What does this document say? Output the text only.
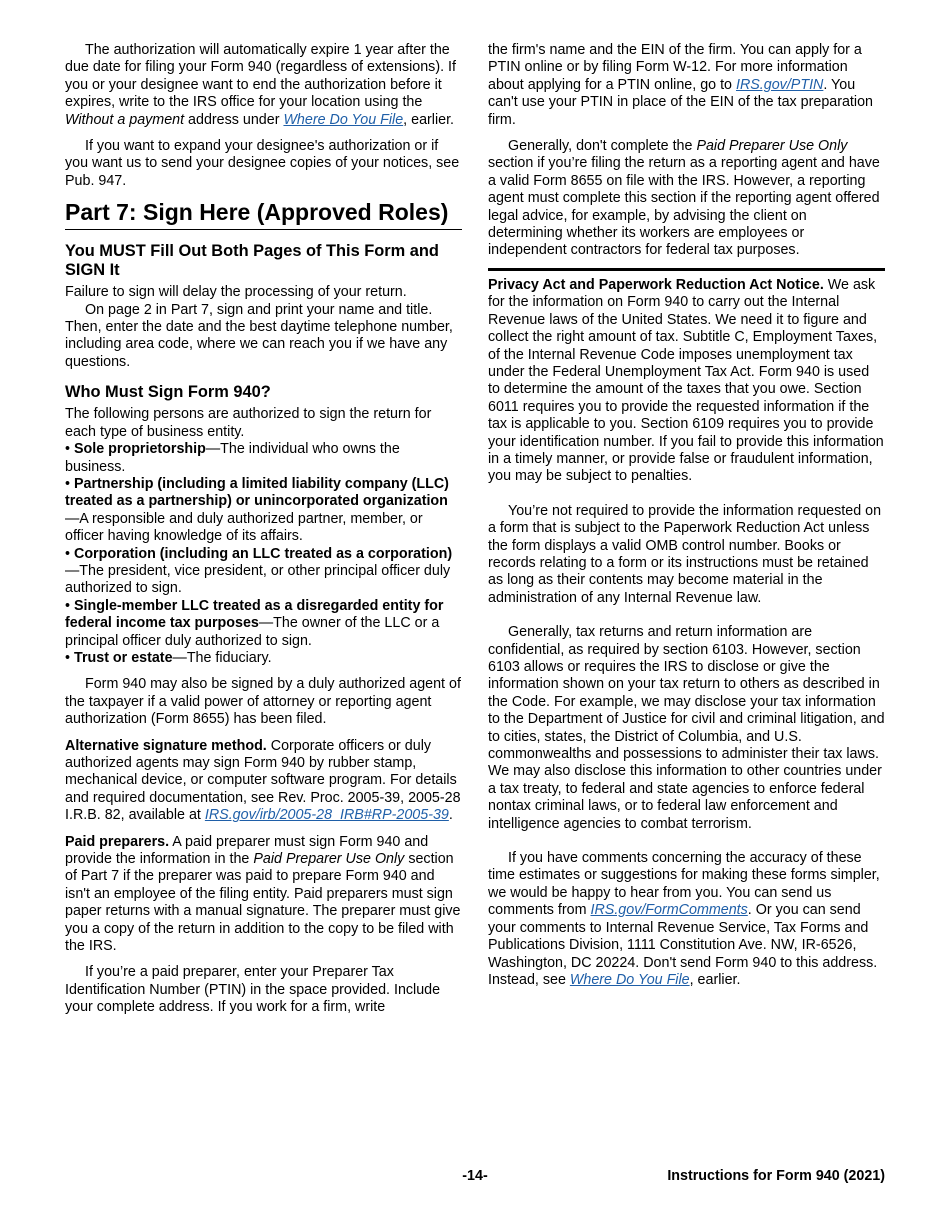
The authorization will automatically expire 1 year after the due date for filing your Form 940 (regardless of extensions). If you or your designee want to end the authorization before it expires, write to the IRS office for your location using the Without a payment address under Where Do You File, earlier.

If you want to expand your designee's authorization or if you want us to send your designee copies of your notices, see Pub. 947.

Part 7: Sign Here (Approved Roles)
You MUST Fill Out Both Pages of This Form and SIGN It

Failure to sign will delay the processing of your return.

On page 2 in Part 7, sign and print your name and title. Then, enter the date and the best daytime telephone number, including area code, where we can reach you if we have any questions.

Who Must Sign Form 940?

The following persons are authorized to sign the return for each type of business entity.

• Sole proprietorship—The individual who owns the business.

• Partnership (including a limited liability company (LLC) treated as a partnership) or unincorporated organization—A responsible and duly authorized partner, member, or officer having knowledge of its affairs.

• Corporation (including an LLC treated as a corporation)—The president, vice president, or other principal officer duly authorized to sign.

• Single-member LLC treated as a disregarded entity for federal income tax purposes—The owner of the LLC or a principal officer duly authorized to sign.

• Trust or estate—The fiduciary.

Form 940 may also be signed by a duly authorized agent of the taxpayer if a valid power of attorney or reporting agent authorization (Form 8655) has been filed.

Alternative signature method. Corporate officers or duly authorized agents may sign Form 940 by rubber stamp, mechanical device, or computer software program. For details and required documentation, see Rev. Proc. 2005-39, 2005-28 I.R.B. 82, available at IRS.gov/irb/2005-28_IRB#RP-2005-39.

Paid preparers. A paid preparer must sign Form 940 and provide the information in the Paid Preparer Use Only section of Part 7 if the preparer was paid to prepare Form 940 and isn't an employee of the filing entity. Paid preparers must sign paper returns with a manual signature. The preparer must give you a copy of the return in addition to the copy to be filed with the IRS.

If you’re a paid preparer, enter your Preparer Tax Identification Number (PTIN) in the space provided. Include your complete address. If you work for a firm, write

the firm's name and the EIN of the firm. You can apply for a PTIN online or by filing Form W-12. For more information about applying for a PTIN online, go to IRS.gov/PTIN. You can't use your PTIN in place of the EIN of the tax preparation firm.

Generally, don't complete the Paid Preparer Use Only section if you’re filing the return as a reporting agent and have a valid Form 8655 on file with the IRS. However, a reporting agent must complete this section if the reporting agent offered legal advice, for example, by advising the client on determining whether its workers are employees or independent contractors for federal tax purposes.

Privacy Act and Paperwork Reduction Act Notice. We ask for the information on Form 940 to carry out the Internal Revenue laws of the United States. We need it to figure and collect the right amount of tax. Subtitle C, Employment Taxes, of the Internal Revenue Code imposes unemployment tax under the Federal Unemployment Tax Act. Form 940 is used to determine the amount of the taxes that you owe. Section 6011 requires you to provide the requested information if the tax is applicable to you. Section 6109 requires you to provide your identification number. If you fail to provide this information in a timely manner, or provide false or fraudulent information, you may be subject to penalties.

You’re not required to provide the information requested on a form that is subject to the Paperwork Reduction Act unless the form displays a valid OMB control number. Books or records relating to a form or its instructions must be retained as long as their contents may become material in the administration of any Internal Revenue law.

Generally, tax returns and return information are confidential, as required by section 6103. However, section 6103 allows or requires the IRS to disclose or give the information shown on your tax return to others as described in the Code. For example, we may disclose your tax information to the Department of Justice for civil and criminal litigation, and to cities, states, the District of Columbia, and U.S. commonwealths and possessions to administer their tax laws. We may also disclose this information to other countries under a tax treaty, to federal and state agencies to enforce federal nontax criminal laws, or to federal law enforcement and intelligence agencies to combat terrorism.

If you have comments concerning the accuracy of these time estimates or suggestions for making these forms simpler, we would be happy to hear from you. You can send us comments from IRS.gov/FormComments. Or you can send your comments to Internal Revenue Service, Tax Forms and Publications Division, 1111 Constitution Ave. NW, IR-6526, Washington, DC 20224. Don't send Form 940 to this address. Instead, see Where Do You File, earlier.

-14-	Instructions for Form 940 (2021)
